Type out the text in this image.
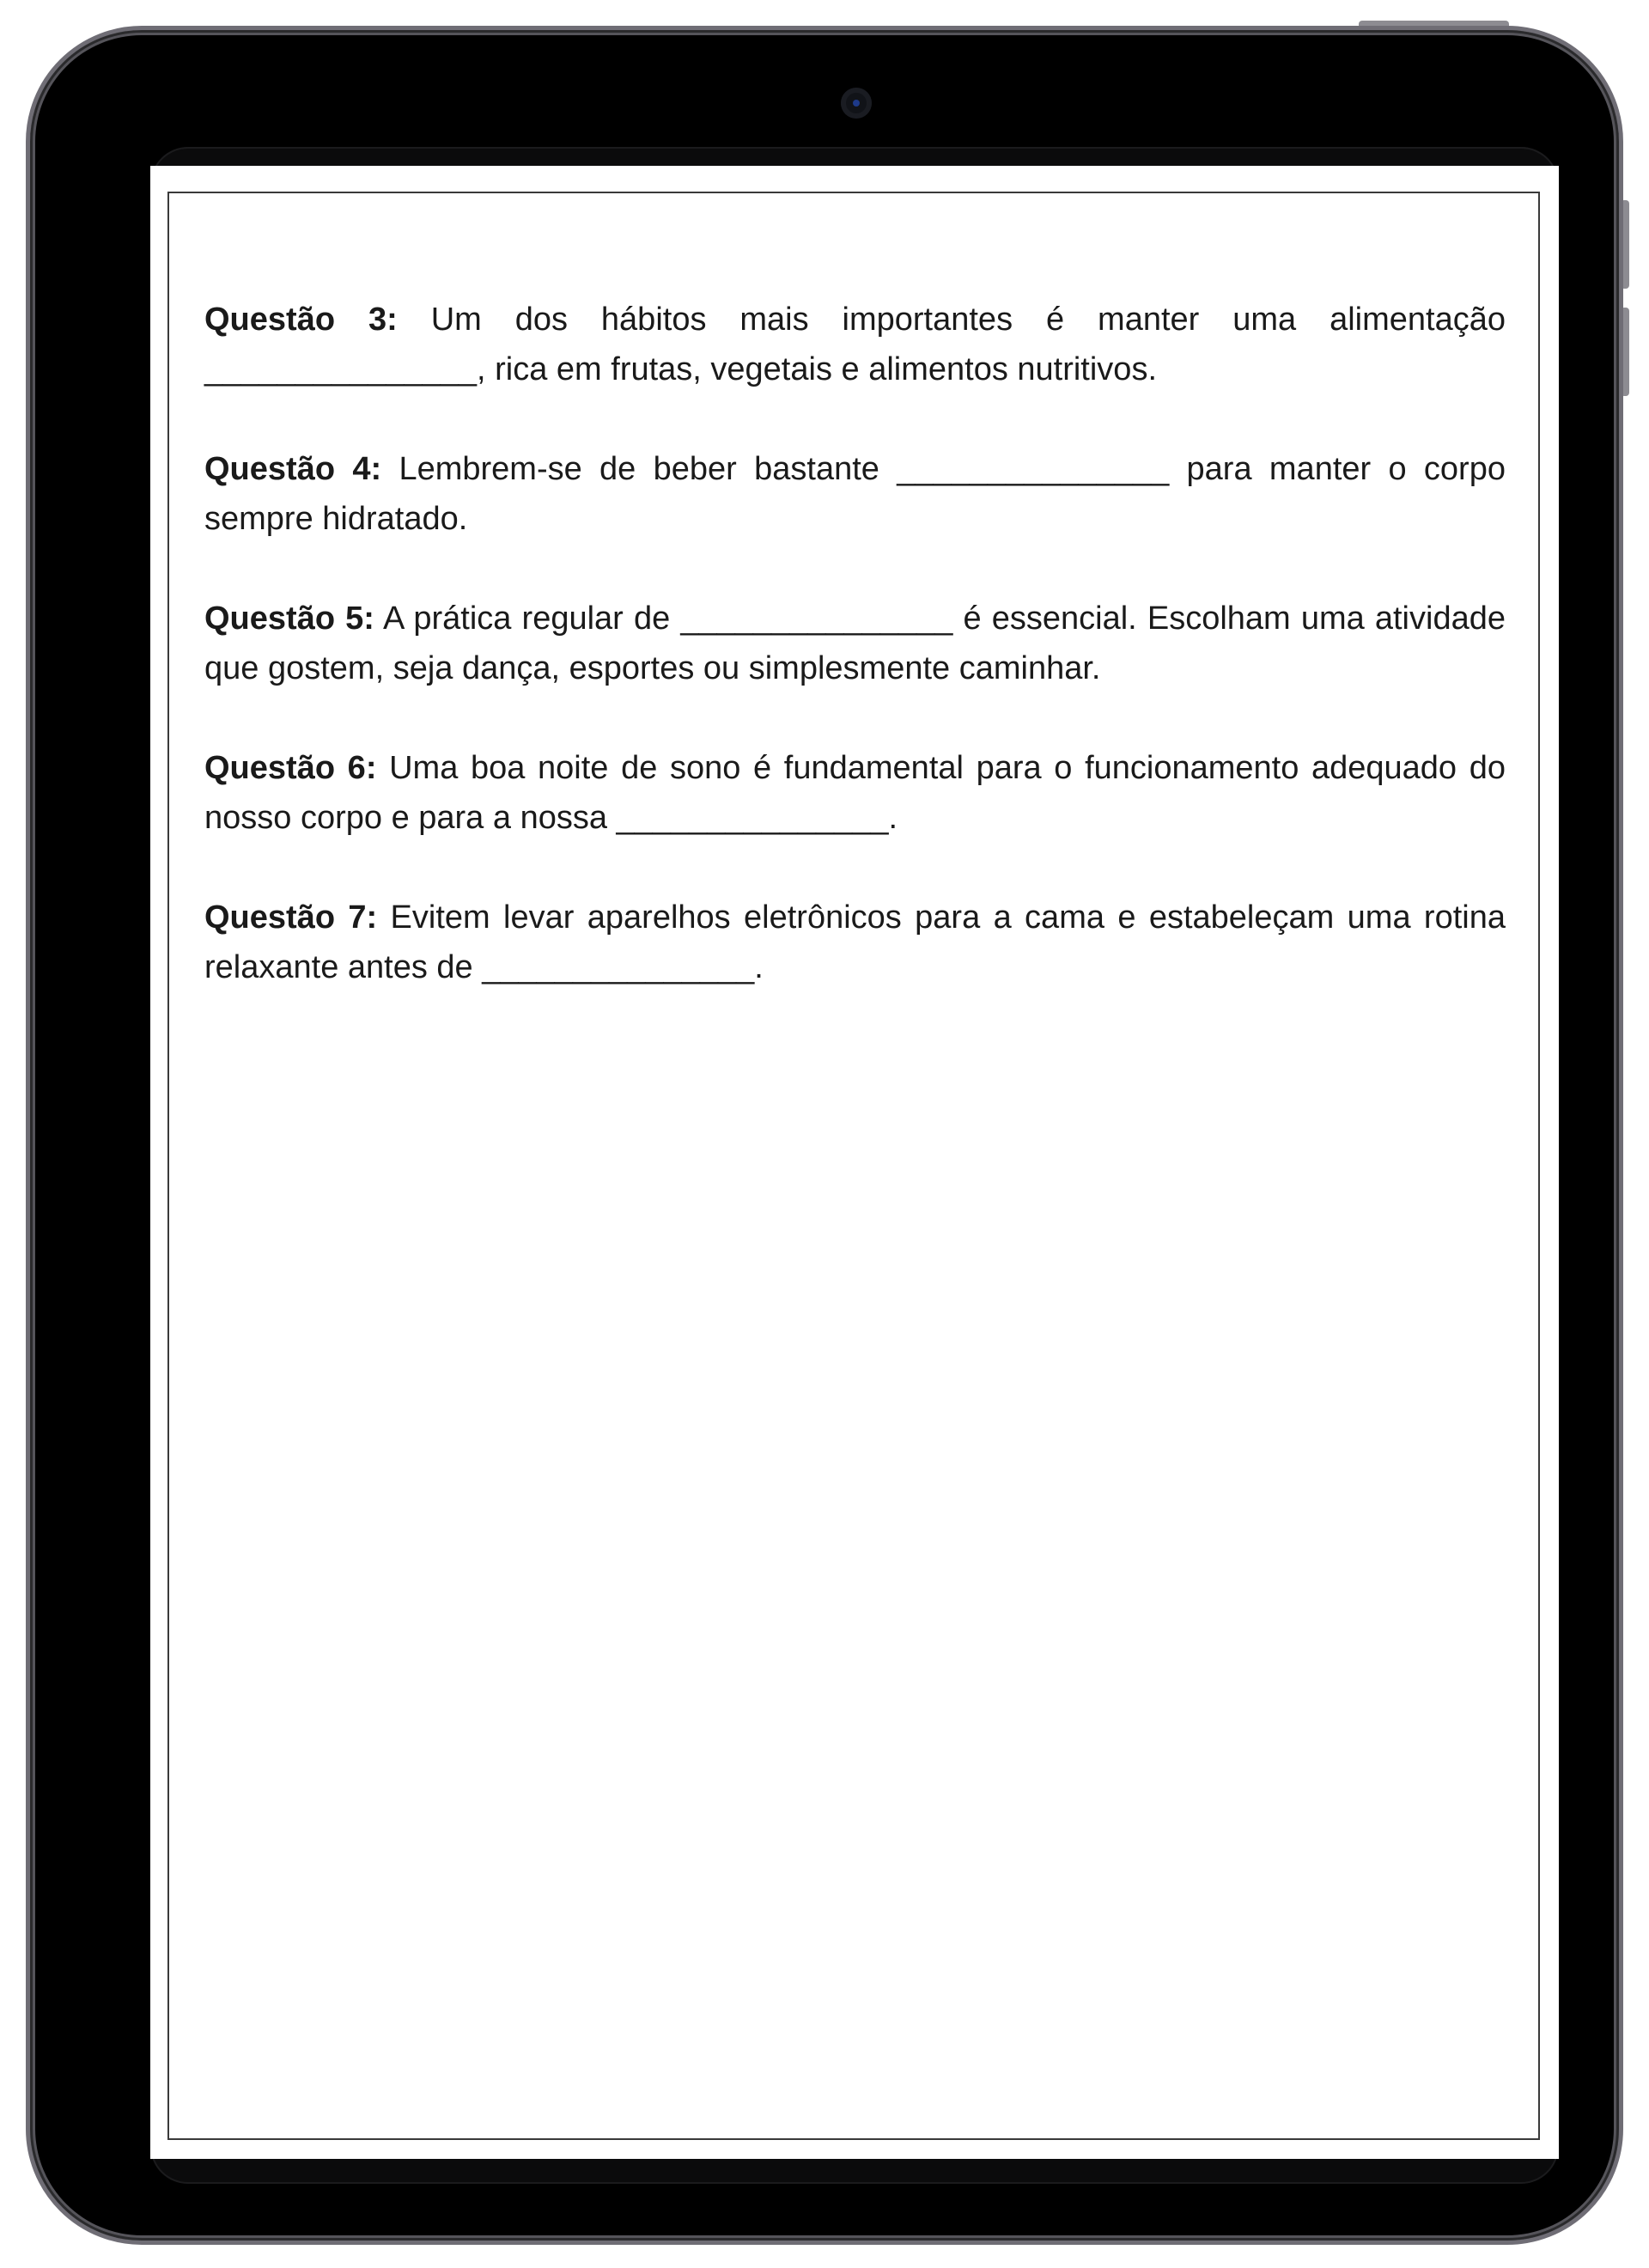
Questão 3: Um dos hábitos mais importantes é manter uma alimentação _______________, rica em frutas, vegetais e alimentos nutritivos.

Questão 4: Lembrem-se de beber bastante _______________ para manter o corpo sempre hidratado.

Questão 5: A prática regular de _______________ é essencial. Escolham uma atividade que gostem, seja dança, esportes ou simplesmente caminhar.

Questão 6: Uma boa noite de sono é fundamental para o funcionamento adequado do nosso corpo e para a nossa _______________.

Questão 7: Evitem levar aparelhos eletrônicos para a cama e estabeleçam uma rotina relaxante antes de _______________.
